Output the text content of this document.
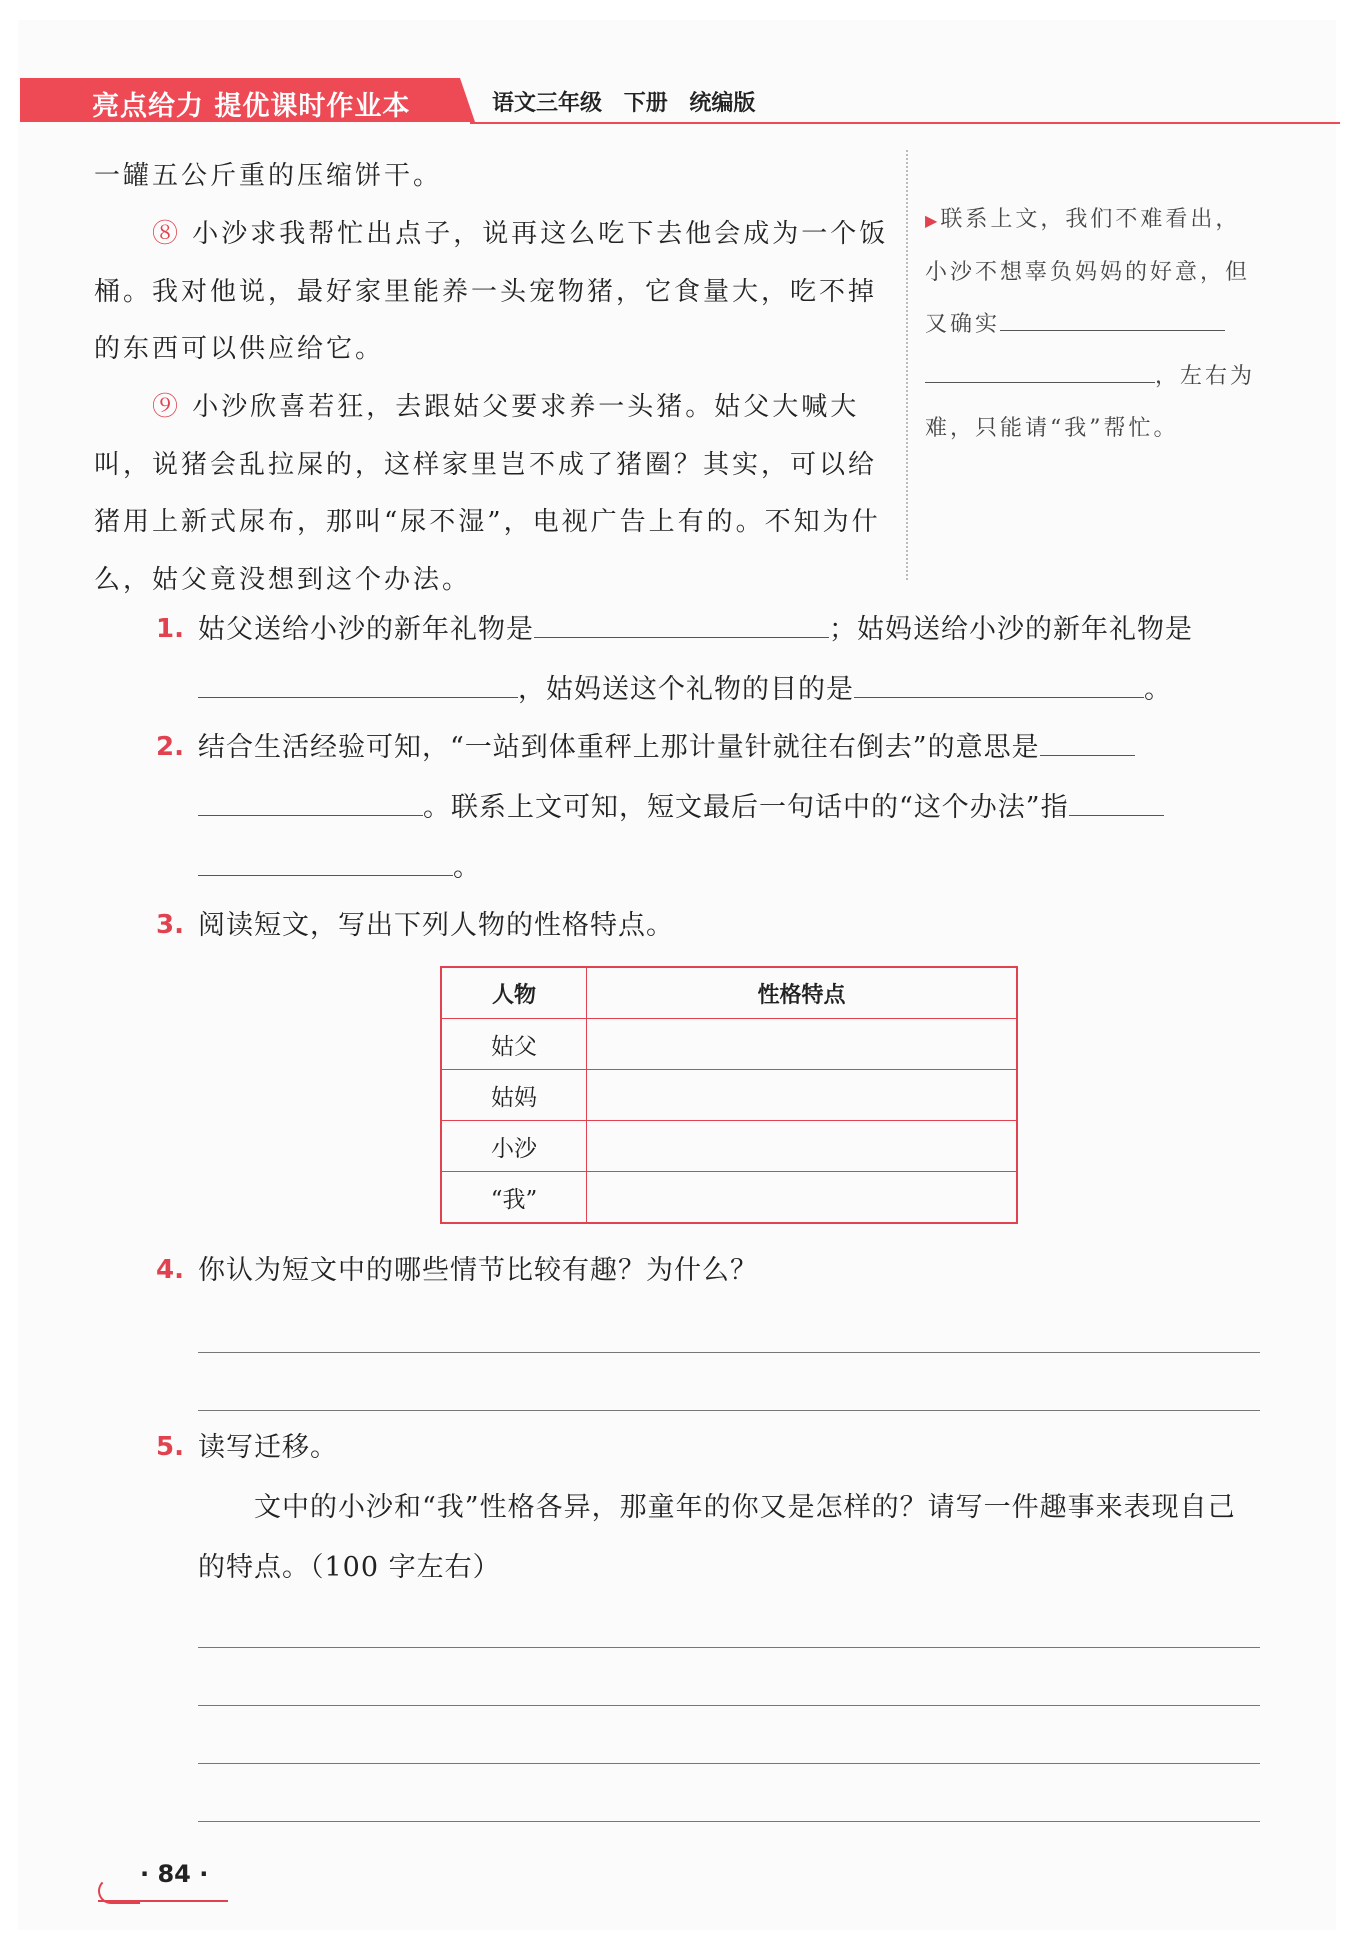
亮点给力 提优课时作业本	语文三年级 下册 统编版

一罐五公斤重的压缩饼干。

⑧ 小沙求我帮忙出点子，说再这么吃下去他会成为一个饭桶。我对他说，最好家里能养一头宠物猪，它食量大，吃不掉的东西可以供应给它。

⑨ 小沙欣喜若狂，去跟姑父要求养一头猪。姑父大喊大叫，说猪会乱拉屎的，这样家里岂不成了猪圈？其实，可以给猪用上新式尿布，那叫“尿不湿”，电视广告上有的。不知为什么，姑父竟没想到这个办法。

▶联系上文，我们不难看出，小沙不想辜负妈妈的好意，但又确实，左右为难，只能请“我”帮忙。
1. 姑父送给小沙的新年礼物是	；姑妈送给小沙的新年礼物是，姑妈送这个礼物的目的是	。

2. 结合生活经验可知，“一站到体重秤上那计量针就往右倒去”的意思是。联系上文可知，短文最后一句话中的“这个办法”指。

3. 阅读短文，写出下列人物的性格特点。

人物	性格特点
姑父	
姑妈	
小沙	
“我”	
4. 你认为短文中的哪些情节比较有趣？为什么？

5. 读写迁移。

文中的小沙和“我”性格各异，那童年的你又是怎样的？请写一件趣事来表现自己的特点。（100 字左右）

· 84 ·
